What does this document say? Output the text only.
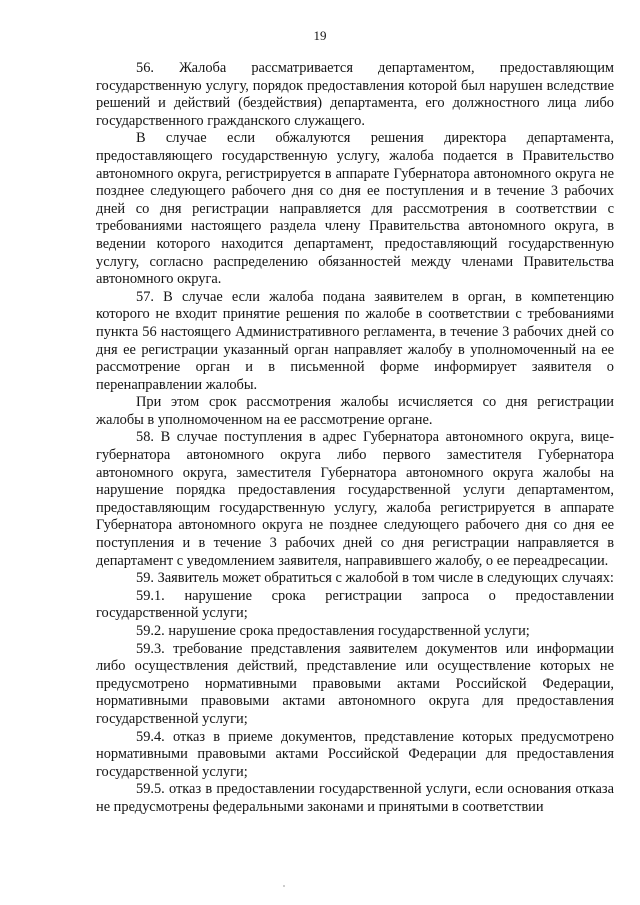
19

56. Жалоба рассматривается департаментом, предоставляющим государственную услугу, порядок предоставления которой был нарушен вследствие решений и действий (бездействия) департамента, его должностного лица либо государственного гражданского служащего.

В случае если обжалуются решения директора департамента, предоставляющего государственную услугу, жалоба подается в Правительство автономного округа, регистрируется в аппарате Губернатора автономного округа не позднее следующего рабочего дня со дня ее поступления и в течение 3 рабочих дней со дня регистрации направляется для рассмотрения в соответствии с требованиями настоящего раздела члену Правительства автономного округа, в ведении которого находится департамент, предоставляющий государственную услугу, согласно распределению обязанностей между членами Правительства автономного округа.

57. В случае если жалоба подана заявителем в орган, в компетенцию которого не входит принятие решения по жалобе в соответствии с требованиями пункта 56 настоящего Административного регламента, в течение 3 рабочих дней со дня ее регистрации указанный орган направляет жалобу в уполномоченный на ее рассмотрение орган и в письменной форме информирует заявителя о перенаправлении жалобы.

При этом срок рассмотрения жалобы исчисляется со дня регистрации жалобы в уполномоченном на ее рассмотрение органе.

58. В случае поступления в адрес Губернатора автономного округа, вице-губернатора автономного округа либо первого заместителя Губернатора автономного округа, заместителя Губернатора автономного округа жалобы на нарушение порядка предоставления государственной услуги департаментом, предоставляющим государственную услугу, жалоба регистрируется в аппарате Губернатора автономного округа не позднее следующего рабочего дня со дня ее поступления и в течение 3 рабочих дней со дня регистрации направляется в департамент с уведомлением заявителя, направившего жалобу, о ее переадресации.

59. Заявитель может обратиться с жалобой в том числе в следующих случаях:

59.1. нарушение срока регистрации запроса о предоставлении государственной услуги;

59.2. нарушение срока предоставления государственной услуги;

59.3. требование представления заявителем документов или информации либо осуществления действий, представление или осуществление которых не предусмотрено нормативными правовыми актами Российской Федерации, нормативными правовыми актами автономного округа для предоставления государственной услуги;

59.4. отказ в приеме документов, представление которых предусмотрено нормативными правовыми актами Российской Федерации для предоставления государственной услуги;

59.5. отказ в предоставлении государственной услуги, если основания отказа не предусмотрены федеральными законами и принятыми в соответствии
